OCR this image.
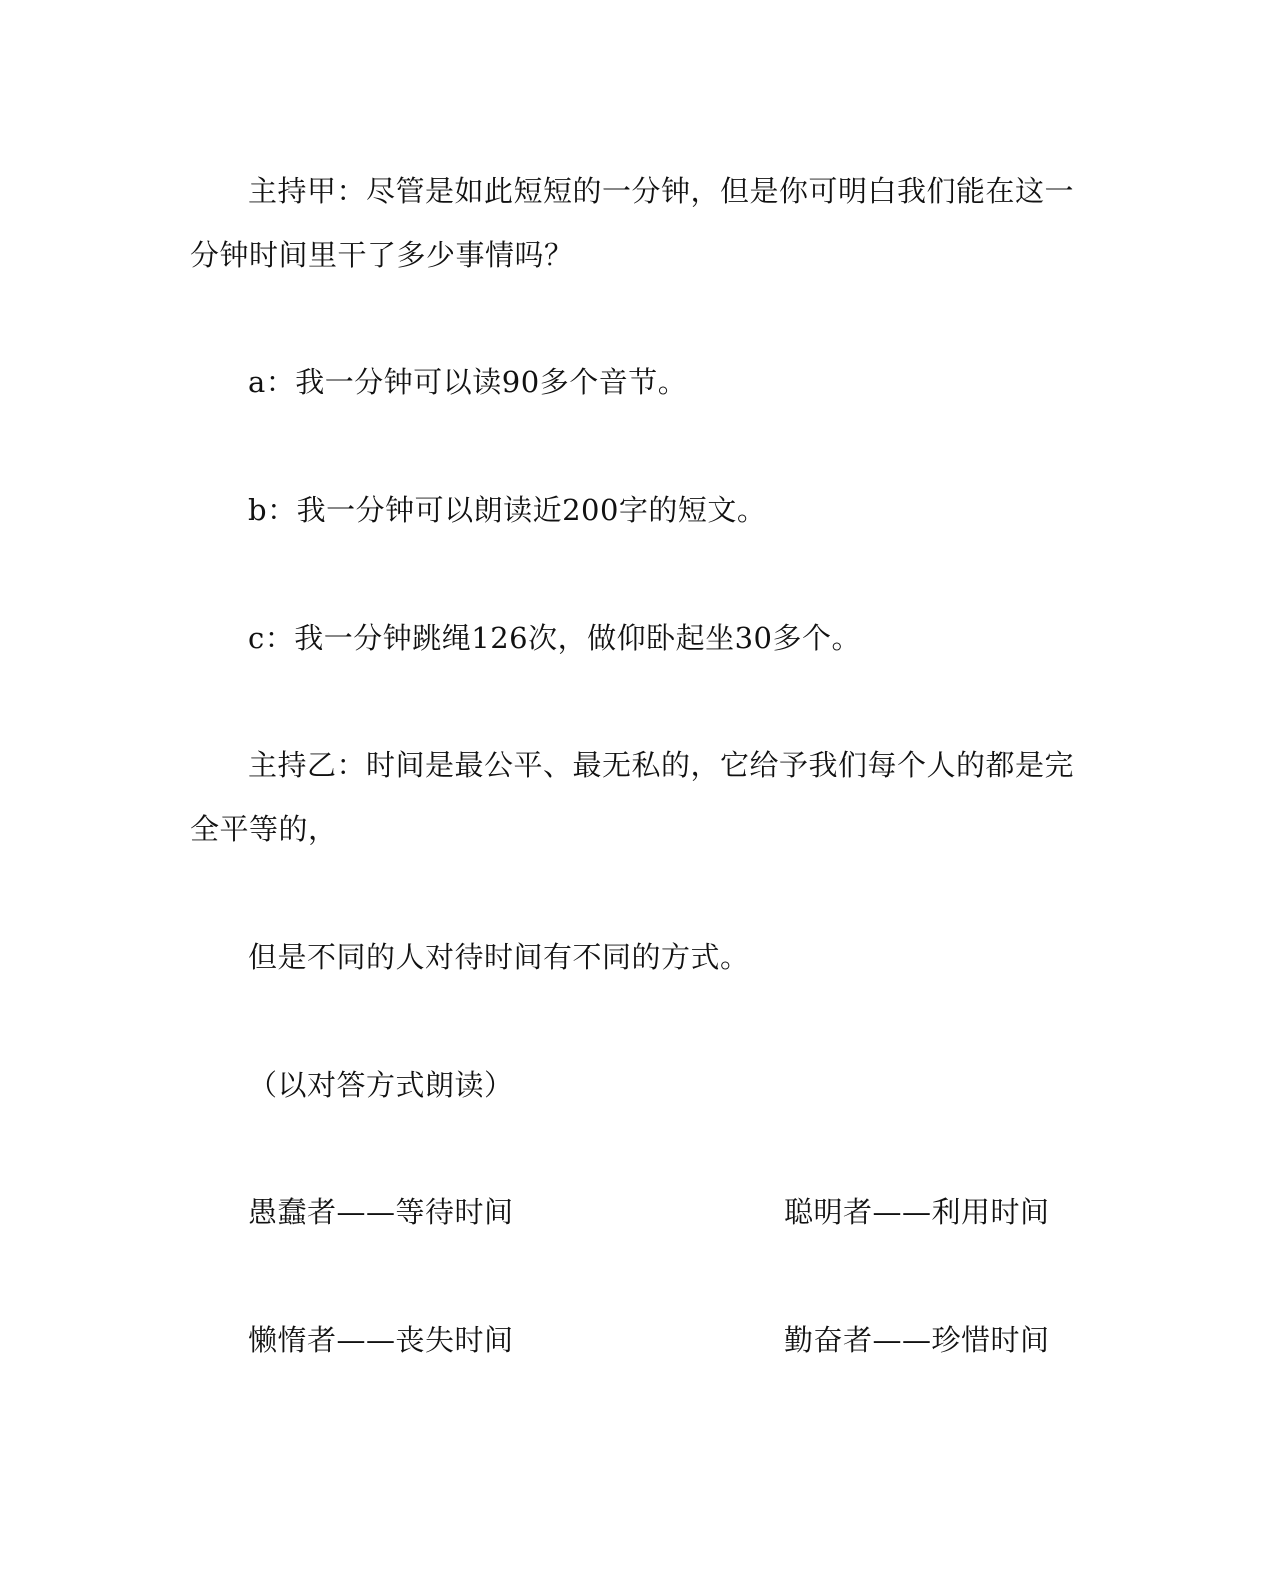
主持甲：尽管是如此短短的一分钟，但是你可明白我们能在这一
分钟时间里干了多少事情吗？
a：我一分钟可以读90多个音节。
b：我一分钟可以朗读近200字的短文。
c：我一分钟跳绳126次，做仰卧起坐30多个。
主持乙：时间是最公平、最无私的，它给予我们每个人的都是完
全平等的，
但是不同的人对待时间有不同的方式。
（以对答方式朗读）
愚蠢者——等待时间	聪明者——利用时间
懒惰者——丧失时间	勤奋者——珍惜时间
